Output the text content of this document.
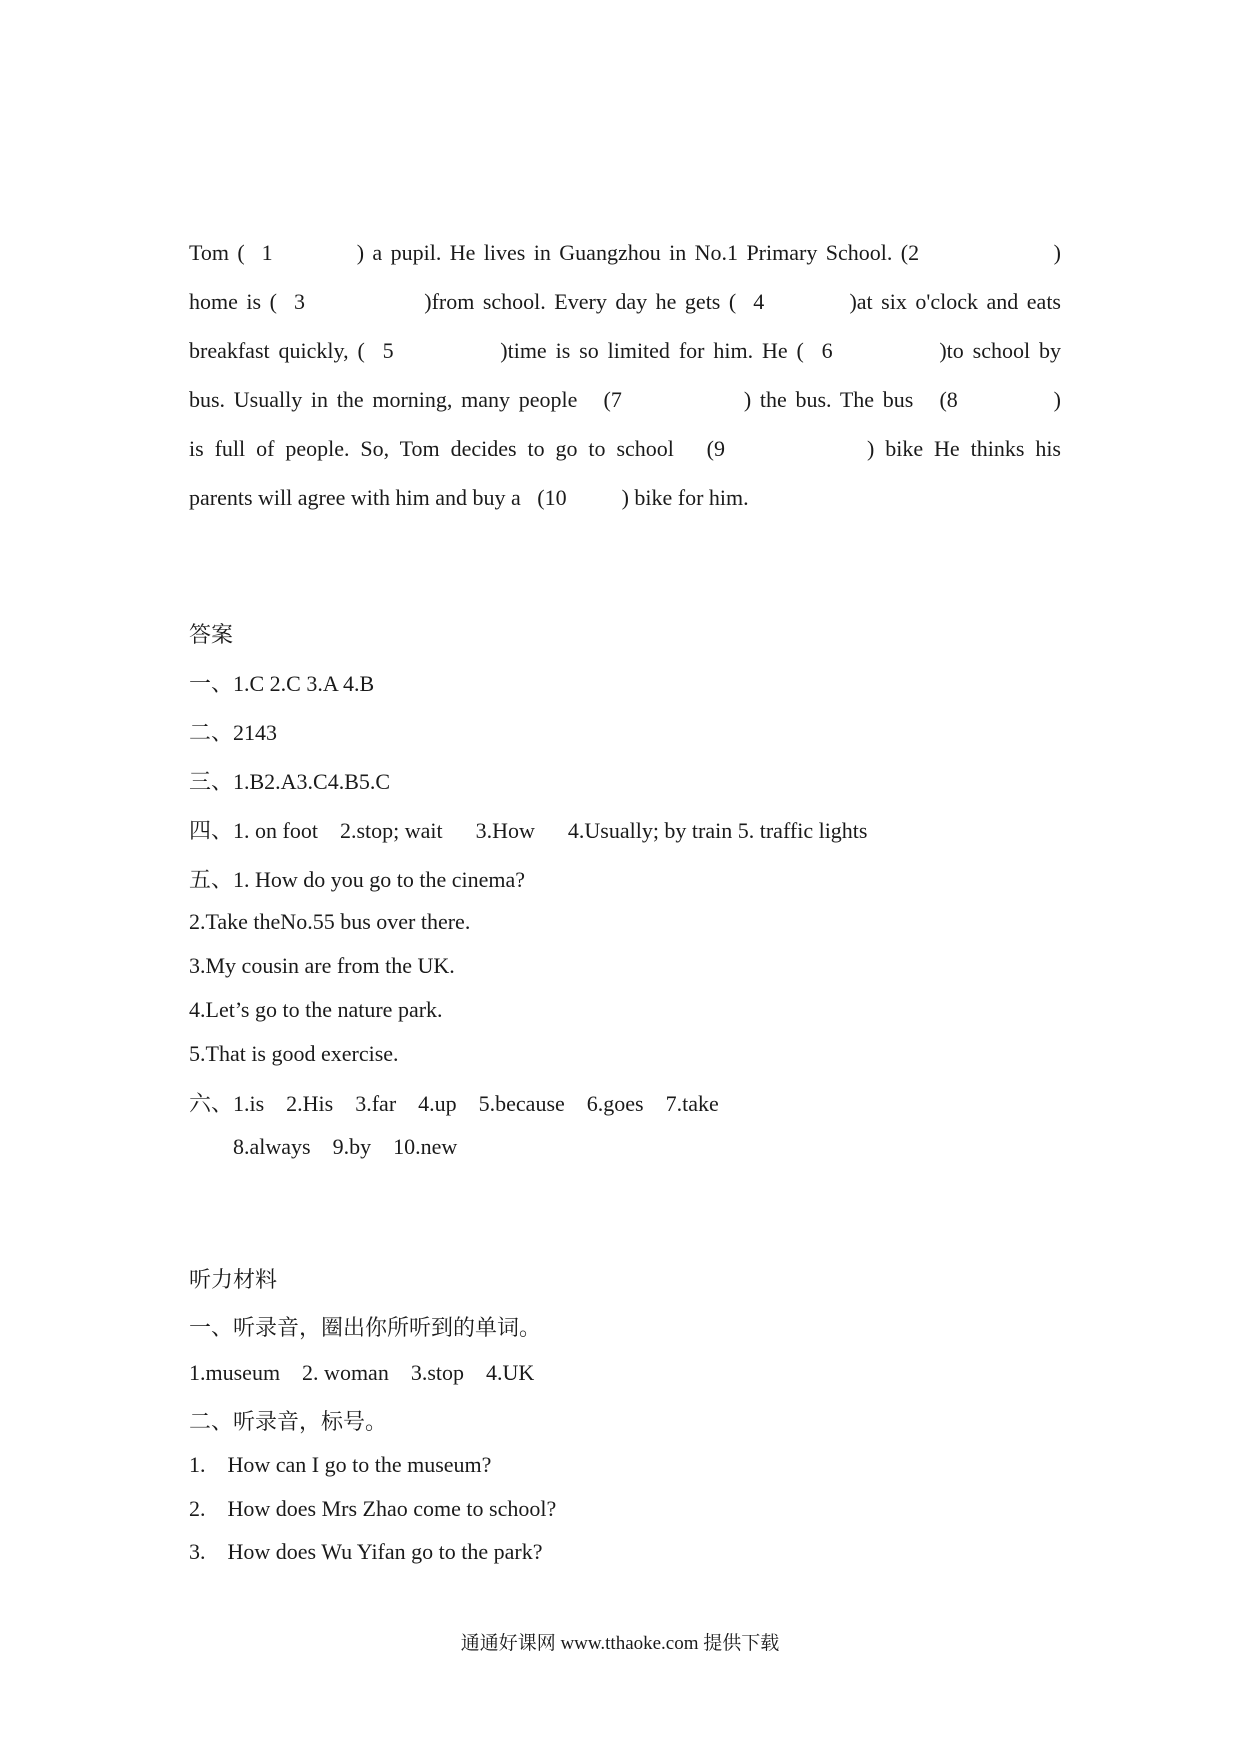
Tom (  1          ) a pupil. He lives in Guangzhou in No.1 Primary School. (2                )
home is (  3              )from school. Every day he gets (  4          )at six o'clock and eats
breakfast quickly, (  5            )time is so limited for him. He (  6            )to school by
bus. Usually in the morning, many people   (7              ) the bus. The bus   (8           )
is full of people. So, Tom decides to go to school   (9             ) bike He thinks his
parents will agree with him and buy a   (10          ) bike for him.
答案
一、1.C 2.C 3.A 4.B
二、2143
三、1.B2.A3.C4.B5.C
四、1. on foot    2.stop; wait      3.How      4.Usually; by train 5. traffic lights
五、1. How do you go to the cinema?
2.Take theNo.55 bus over there.
3.My cousin are from the UK.
4.Let’s go to the nature park.
5.That is good exercise.
六、1.is    2.His    3.far    4.up    5.because    6.goes    7.take
8.always    9.by    10.new
听力材料
一、听录音，圈出你所听到的单词。
1.museum    2. woman    3.stop    4.UK
二、听录音，标号。
1.    How can I go to the museum?
2.    How does Mrs Zhao come to school?
3.    How does Wu Yifan go to the park?
通通好课网 www.tthaoke.com 提供下载
